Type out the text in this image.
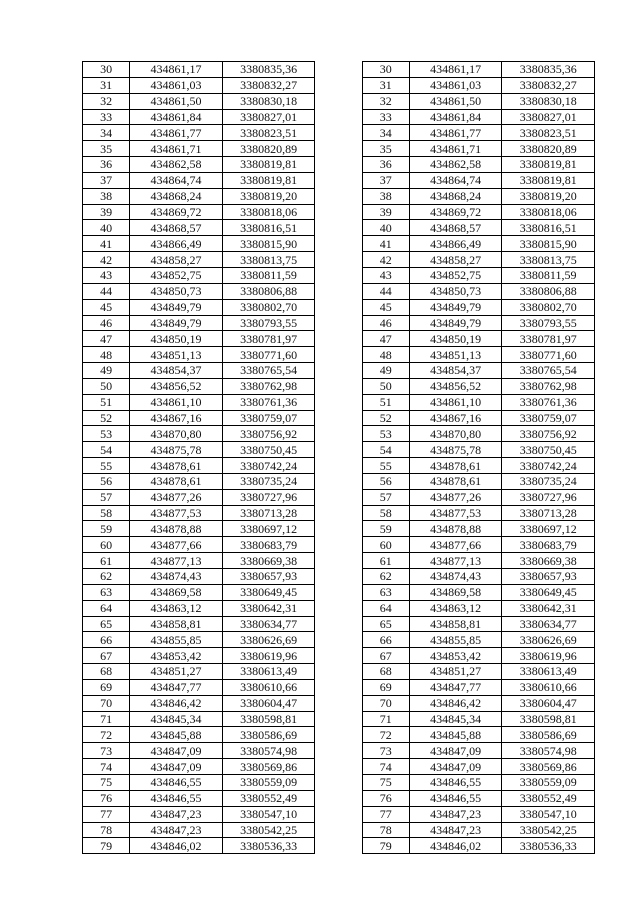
30	434861,17	3380835,36		30	434861,17	3380835,36
31	434861,03	3380832,27		31	434861,03	3380832,27
32	434861,50	3380830,18		32	434861,50	3380830,18
33	434861,84	3380827,01		33	434861,84	3380827,01
34	434861,77	3380823,51		34	434861,77	3380823,51
35	434861,71	3380820,89		35	434861,71	3380820,89
36	434862,58	3380819,81		36	434862,58	3380819,81
37	434864,74	3380819,81		37	434864,74	3380819,81
38	434868,24	3380819,20		38	434868,24	3380819,20
39	434869,72	3380818,06		39	434869,72	3380818,06
40	434868,57	3380816,51		40	434868,57	3380816,51
41	434866,49	3380815,90		41	434866,49	3380815,90
42	434858,27	3380813,75		42	434858,27	3380813,75
43	434852,75	3380811,59		43	434852,75	3380811,59
44	434850,73	3380806,88		44	434850,73	3380806,88
45	434849,79	3380802,70		45	434849,79	3380802,70
46	434849,79	3380793,55		46	434849,79	3380793,55
47	434850,19	3380781,97		47	434850,19	3380781,97
48	434851,13	3380771,60		48	434851,13	3380771,60
49	434854,37	3380765,54		49	434854,37	3380765,54
50	434856,52	3380762,98		50	434856,52	3380762,98
51	434861,10	3380761,36		51	434861,10	3380761,36
52	434867,16	3380759,07		52	434867,16	3380759,07
53	434870,80	3380756,92		53	434870,80	3380756,92
54	434875,78	3380750,45		54	434875,78	3380750,45
55	434878,61	3380742,24		55	434878,61	3380742,24
56	434878,61	3380735,24		56	434878,61	3380735,24
57	434877,26	3380727,96		57	434877,26	3380727,96
58	434877,53	3380713,28		58	434877,53	3380713,28
59	434878,88	3380697,12		59	434878,88	3380697,12
60	434877,66	3380683,79		60	434877,66	3380683,79
61	434877,13	3380669,38		61	434877,13	3380669,38
62	434874,43	3380657,93		62	434874,43	3380657,93
63	434869,58	3380649,45		63	434869,58	3380649,45
64	434863,12	3380642,31		64	434863,12	3380642,31
65	434858,81	3380634,77		65	434858,81	3380634,77
66	434855,85	3380626,69		66	434855,85	3380626,69
67	434853,42	3380619,96		67	434853,42	3380619,96
68	434851,27	3380613,49		68	434851,27	3380613,49
69	434847,77	3380610,66		69	434847,77	3380610,66
70	434846,42	3380604,47		70	434846,42	3380604,47
71	434845,34	3380598,81		71	434845,34	3380598,81
72	434845,88	3380586,69		72	434845,88	3380586,69
73	434847,09	3380574,98		73	434847,09	3380574,98
74	434847,09	3380569,86		74	434847,09	3380569,86
75	434846,55	3380559,09		75	434846,55	3380559,09
76	434846,55	3380552,49		76	434846,55	3380552,49
77	434847,23	3380547,10		77	434847,23	3380547,10
78	434847,23	3380542,25		78	434847,23	3380542,25
79	434846,02	3380536,33		79	434846,02	3380536,33
